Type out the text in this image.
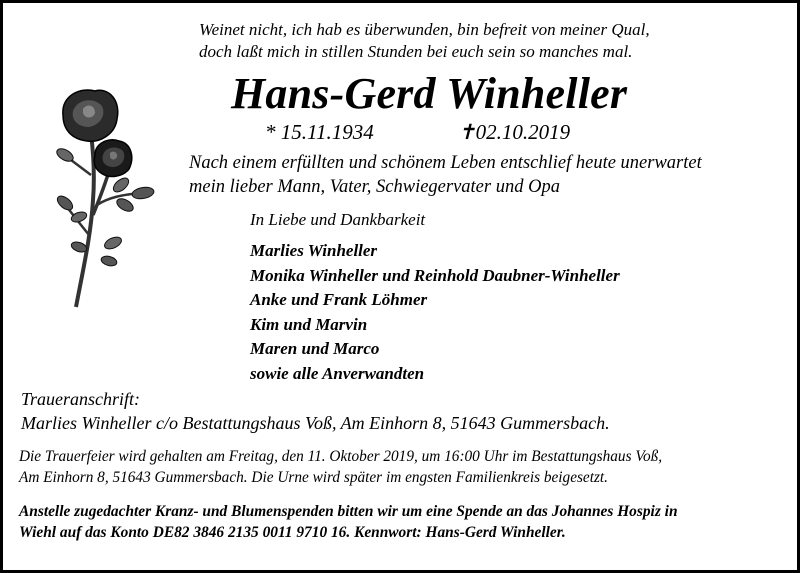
Weinet nicht, ich hab es überwunden, bin befreit von meiner Qual,
doch laßt mich in stillen Stunden bei euch sein so manches mal.
Hans-Gerd Winheller
* 15.11.1934	✝02.10.2019
Nach einem erfüllten und schönem Leben entschlief heute unerwartet
mein lieber Mann, Vater, Schwiegervater und Opa
In Liebe und Dankbarkeit
Marlies Winheller
Monika Winheller und Reinhold Daubner-Winheller
Anke und Frank Löhmer
Kim und Marvin
Maren und Marco
sowie alle Anverwandten
Traueranschrift:
Marlies Winheller c/o Bestattungshaus Voß, Am Einhorn 8, 51643 Gummersbach.
Die Trauerfeier wird gehalten am Freitag, den 11. Oktober 2019, um 16:00 Uhr im Bestattungshaus Voß,
Am Einhorn 8, 51643 Gummersbach. Die Urne wird später im engsten Familienkreis beigesetzt.
Anstelle zugedachter Kranz- und Blumenspenden bitten wir um eine Spende an das Johannes Hospiz in
Wiehl auf das Konto DE82 3846 2135 0011 9710 16. Kennwort: Hans-Gerd Winheller.
